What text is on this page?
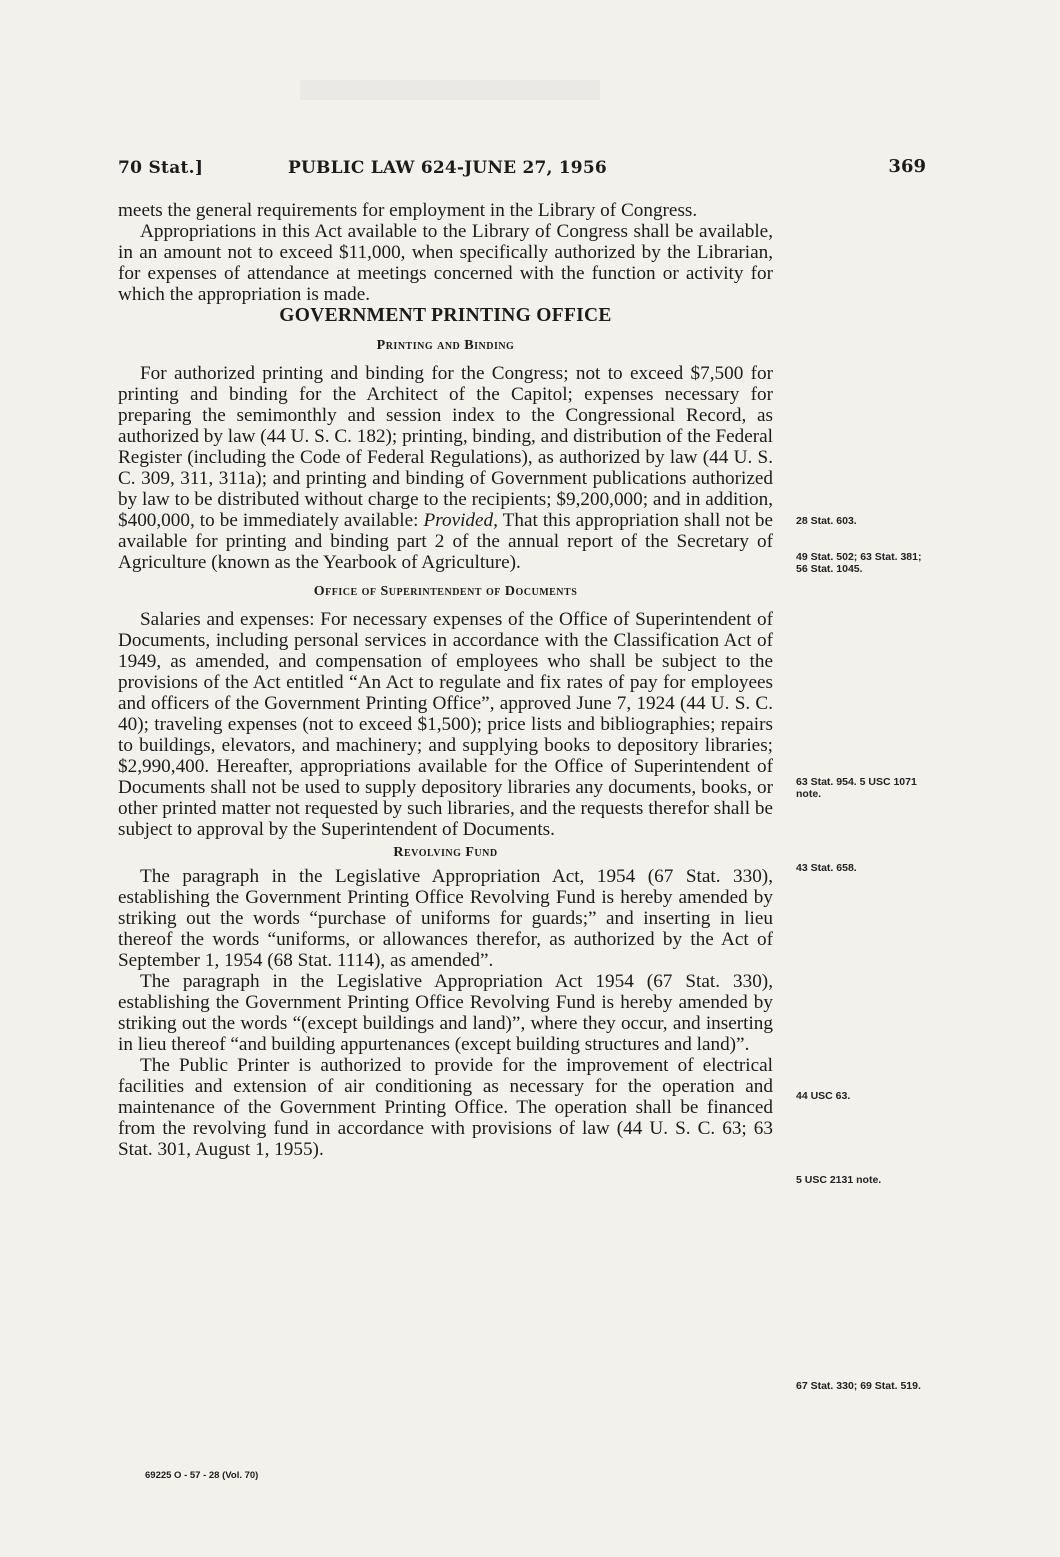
70 Stat.]	PUBLIC LAW 624-JUNE 27, 1956	369

meets the general requirements for employment in the Library of Congress.

Appropriations in this Act available to the Library of Congress shall be available, in an amount not to exceed $11,000, when specifically authorized by the Librarian, for expenses of attendance at meetings concerned with the function or activity for which the appropriation is made.

GOVERNMENT PRINTING OFFICE
Printing and Binding

For authorized printing and binding for the Congress; not to exceed $7,500 for printing and binding for the Architect of the Capitol; expenses necessary for preparing the semimonthly and session index to the Congressional Record, as authorized by law (44 U. S. C. 182); printing, binding, and distribution of the Federal Register (including the Code of Federal Regulations), as authorized by law (44 U. S. C. 309, 311, 311a); and printing and binding of Government publications authorized by law to be distributed without charge to the recipients; $9,200,000; and in addition, $400,000, to be immediately available: Provided, That this appropriation shall not be available for printing and binding part 2 of the annual report of the Secretary of Agriculture (known as the Yearbook of Agriculture).

Office of Superintendent of Documents

Salaries and expenses: For necessary expenses of the Office of Superintendent of Documents, including personal services in accordance with the Classification Act of 1949, as amended, and compensation of employees who shall be subject to the provisions of the Act entitled “An Act to regulate and fix rates of pay for employees and officers of the Government Printing Office”, approved June 7, 1924 (44 U. S. C. 40); traveling expenses (not to exceed $1,500); price lists and bibliographies; repairs to buildings, elevators, and machinery; and supplying books to depository libraries; $2,990,400. Hereafter, appropriations available for the Office of Superintendent of Documents shall not be used to supply depository libraries any documents, books, or other printed matter not requested by such libraries, and the requests therefor shall be subject to approval by the Superintendent of Documents.

Revolving Fund

The paragraph in the Legislative Appropriation Act, 1954 (67 Stat. 330), establishing the Government Printing Office Revolving Fund is hereby amended by striking out the words “purchase of uniforms for guards;” and inserting in lieu thereof the words “uniforms, or allowances therefor, as authorized by the Act of September 1, 1954 (68 Stat. 1114), as amended”.

The paragraph in the Legislative Appropriation Act 1954 (67 Stat. 330), establishing the Government Printing Office Revolving Fund is hereby amended by striking out the words “(except buildings and land)”, where they occur, and inserting in lieu thereof “and building appurtenances (except building structures and land)”.

The Public Printer is authorized to provide for the improvement of electrical facilities and extension of air conditioning as necessary for the operation and maintenance of the Government Printing Office. The operation shall be financed from the revolving fund in accordance with provisions of law (44 U. S. C. 63; 63 Stat. 301, August 1, 1955).

28 Stat. 603.
49 Stat. 502; 63 Stat. 381; 56 Stat. 1045.
63 Stat. 954. 5 USC 1071 note.
43 Stat. 658.
44 USC 63.
5 USC 2131 note.
67 Stat. 330; 69 Stat. 519.
69225 O - 57 - 28 (Vol. 70)
